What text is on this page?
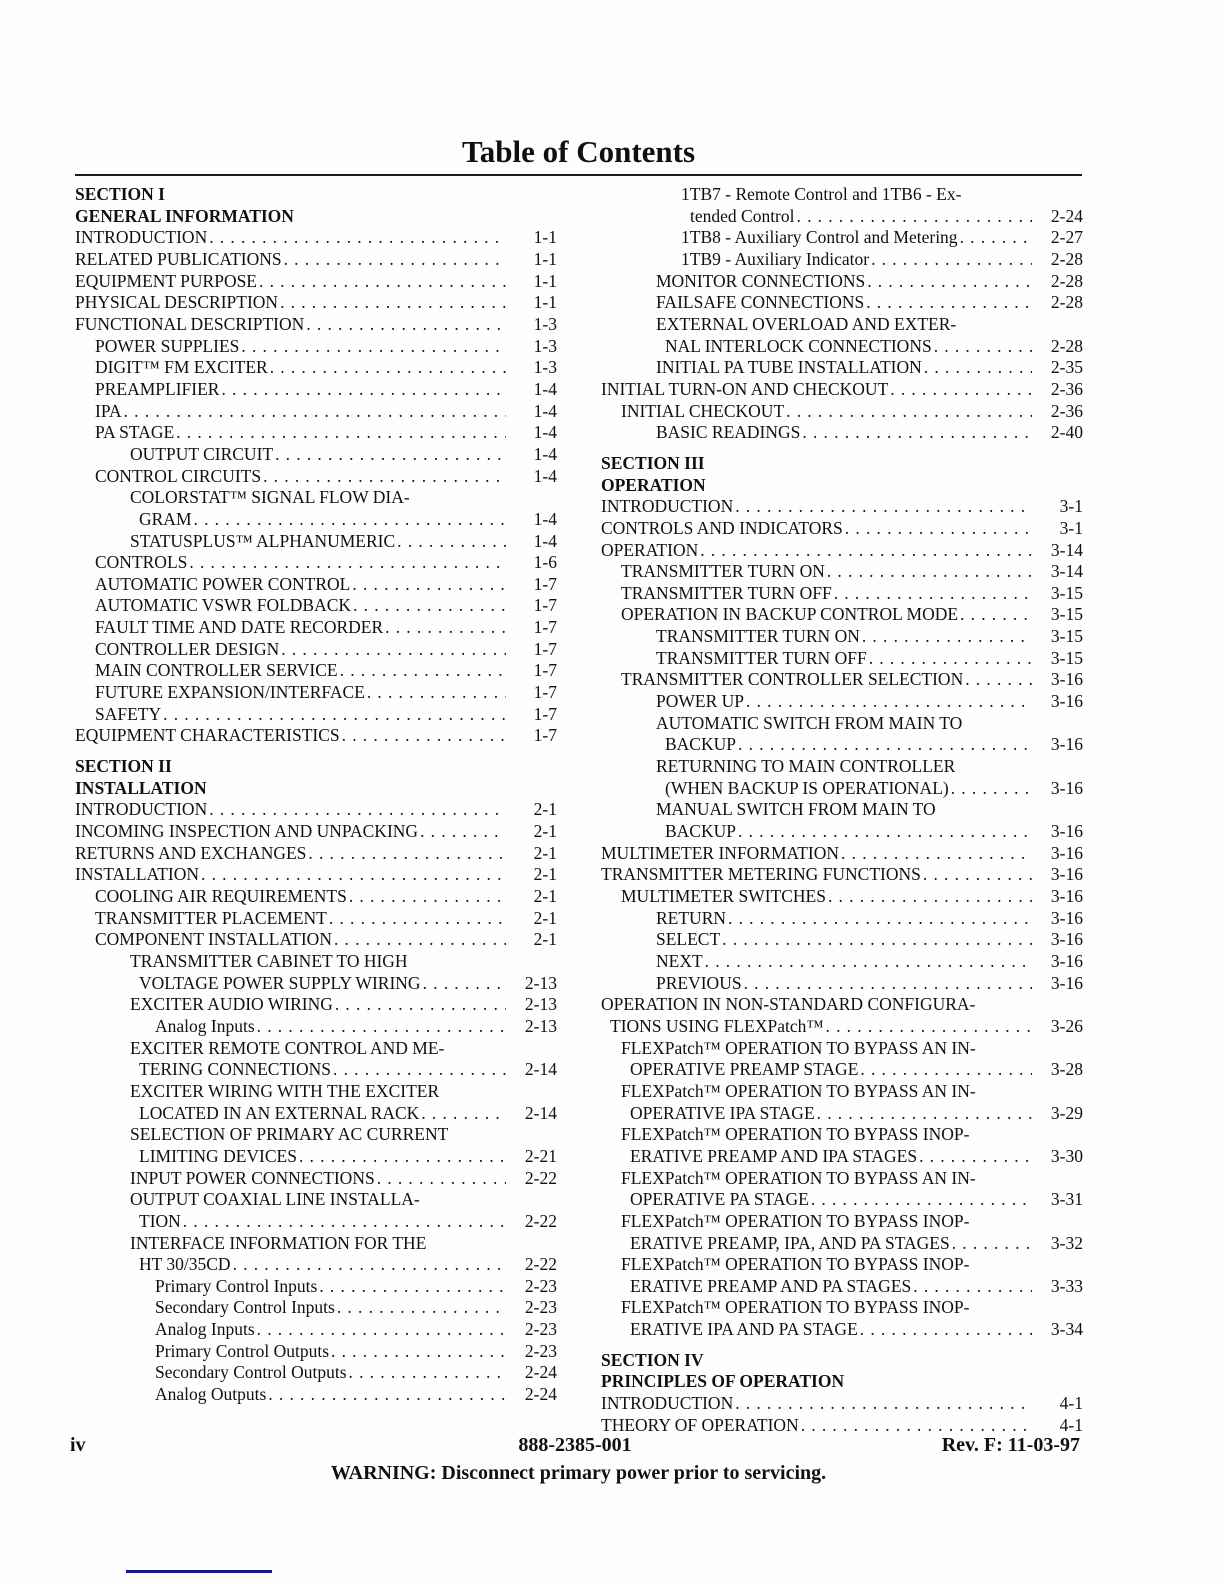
Table of Contents
SECTION I
GENERAL INFORMATION
INTRODUCTION .....	1-1
RELATED PUBLICATIONS .....	1-1
EQUIPMENT PURPOSE .....	1-1
PHYSICAL DESCRIPTION .....	1-1
FUNCTIONAL DESCRIPTION .....	1-3
POWER SUPPLIES .....	1-3
DIGIT™ FM EXCITER .....	1-3
PREAMPLIFIER .....	1-4
IPA .....	1-4
PA STAGE .....	1-4
OUTPUT CIRCUIT .....	1-4
CONTROL CIRCUITS .....	1-4
COLORSTAT™ SIGNAL FLOW DIA-
GRAM .....	1-4
STATUSPLUS™ ALPHANUMERIC .....	1-4
CONTROLS .....	1-6
AUTOMATIC POWER CONTROL .....	1-7
AUTOMATIC VSWR FOLDBACK .....	1-7
FAULT TIME AND DATE RECORDER .....	1-7
CONTROLLER DESIGN .....	1-7
MAIN CONTROLLER SERVICE .....	1-7
FUTURE EXPANSION/INTERFACE .....	1-7
SAFETY .....	1-7
EQUIPMENT CHARACTERISTICS .....	1-7
SECTION II
INSTALLATION
INTRODUCTION .....	2-1
INCOMING INSPECTION AND UNPACKING .....	2-1
RETURNS AND EXCHANGES .....	2-1
INSTALLATION .....	2-1
COOLING AIR REQUIREMENTS .....	2-1
TRANSMITTER PLACEMENT .....	2-1
COMPONENT INSTALLATION .....	2-1
TRANSMITTER CABINET TO HIGH
VOLTAGE POWER SUPPLY WIRING .....	2-13
EXCITER AUDIO WIRING .....	2-13
Analog Inputs .....	2-13
EXCITER REMOTE CONTROL AND ME-
TERING CONNECTIONS .....	2-14
EXCITER WIRING WITH THE EXCITER
LOCATED IN AN EXTERNAL RACK .....	2-14
SELECTION OF PRIMARY AC CURRENT
LIMITING DEVICES .....	2-21
INPUT POWER CONNECTIONS .....	2-22
OUTPUT COAXIAL LINE INSTALLA-
TION .....	2-22
INTERFACE INFORMATION FOR THE
HT 30/35CD .....	2-22
Primary Control Inputs .....	2-23
Secondary Control Inputs .....	2-23
Analog Inputs .....	2-23
Primary Control Outputs .....	2-23
Secondary Control Outputs .....	2-24
Analog Outputs .....	2-24
1TB7 - Remote Control and 1TB6 - Ex-
tended Control .....	2-24
1TB8 - Auxiliary Control and Metering .....	2-27
1TB9 - Auxiliary Indicator .....	2-28
MONITOR CONNECTIONS .....	2-28
FAILSAFE CONNECTIONS .....	2-28
EXTERNAL OVERLOAD AND EXTER-
NAL INTERLOCK CONNECTIONS .....	2-28
INITIAL PA TUBE INSTALLATION .....	2-35
INITIAL TURN-ON AND CHECKOUT .....	2-36
INITIAL CHECKOUT .....	2-36
BASIC READINGS .....	2-40
SECTION III
OPERATION
INTRODUCTION .....	3-1
CONTROLS AND INDICATORS .....	3-1
OPERATION .....	3-14
TRANSMITTER TURN ON .....	3-14
TRANSMITTER TURN OFF .....	3-15
OPERATION IN BACKUP CONTROL MODE .....	3-15
TRANSMITTER TURN ON .....	3-15
TRANSMITTER TURN OFF .....	3-15
TRANSMITTER CONTROLLER SELECTION .....	3-16
POWER UP .....	3-16
AUTOMATIC SWITCH FROM MAIN TO
BACKUP .....	3-16
RETURNING TO MAIN CONTROLLER
(WHEN BACKUP IS OPERATIONAL) .....	3-16
MANUAL SWITCH FROM MAIN TO
BACKUP .....	3-16
MULTIMETER INFORMATION .....	3-16
TRANSMITTER METERING FUNCTIONS .....	3-16
MULTIMETER SWITCHES .....	3-16
RETURN .....	3-16
SELECT .....	3-16
NEXT .....	3-16
PREVIOUS .....	3-16
OPERATION IN NON-STANDARD CONFIGURA-
TIONS USING FLEXPatch™ .....	3-26
FLEXPatch™ OPERATION TO BYPASS AN IN-
OPERATIVE PREAMP STAGE .....	3-28
FLEXPatch™ OPERATION TO BYPASS AN IN-
OPERATIVE IPA STAGE .....	3-29
FLEXPatch™ OPERATION TO BYPASS INOP-
ERATIVE PREAMP AND IPA STAGES .....	3-30
FLEXPatch™ OPERATION TO BYPASS AN IN-
OPERATIVE PA STAGE .....	3-31
FLEXPatch™ OPERATION TO BYPASS INOP-
ERATIVE PREAMP, IPA, AND PA STAGES .....	3-32
FLEXPatch™ OPERATION TO BYPASS INOP-
ERATIVE PREAMP AND PA STAGES .....	3-33
FLEXPatch™ OPERATION TO BYPASS INOP-
ERATIVE IPA AND PA STAGE .....	3-34
SECTION IV
PRINCIPLES OF OPERATION
INTRODUCTION .....	4-1
THEORY OF OPERATION .....	4-1
iv	888-2385-001	Rev. F: 11-03-97
WARNING: Disconnect primary power prior to servicing.
